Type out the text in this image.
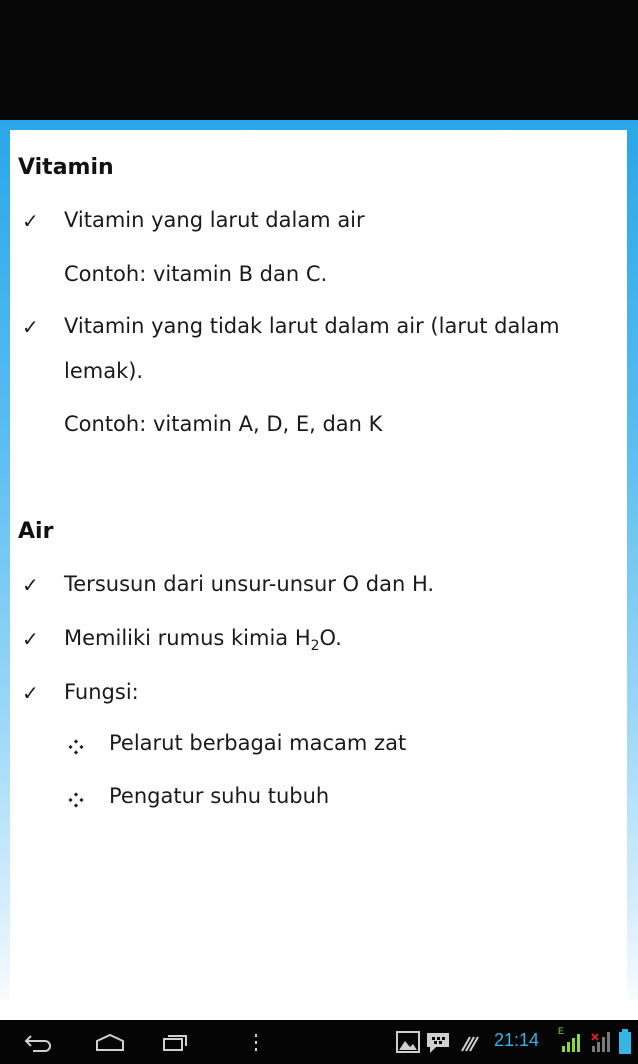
Vitamin
✓ Vitamin yang larut dalam air
Contoh: vitamin B dan C.
✓ Vitamin yang tidak larut dalam air (larut dalam
lemak).
Contoh: vitamin A, D, E, dan K
Air
✓ Tersusun dari unsur-unsur O dan H.
✓ Memiliki rumus kimia $H_2O$.
✓ Fungsi:
Pelarut berbagai macam zat
Pengatur suhu tubuh
21:14 E
